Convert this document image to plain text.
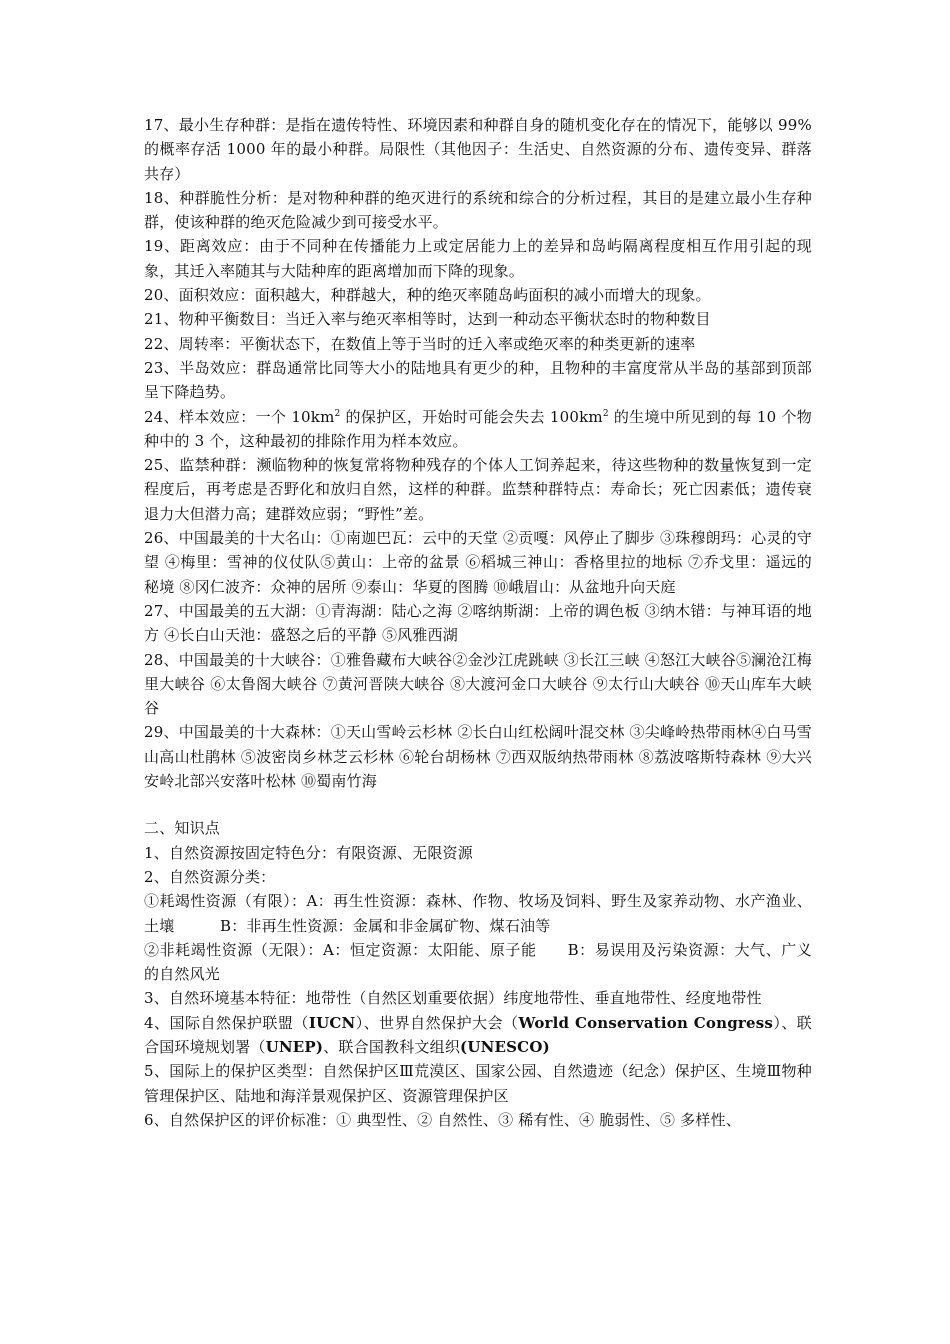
17、最小生存种群：是指在遗传特性、环境因素和种群自身的随机变化存在的情况下，能够以 99%的概率存活 1000 年的最小种群。局限性（其他因子：生活史、自然资源的分布、遗传变异、群落共存）

18、种群脆性分析：是对物种种群的绝灭进行的系统和综合的分析过程，其目的是建立最小生存种群，使该种群的绝灭危险减少到可接受水平。

19、距离效应：由于不同种在传播能力上或定居能力上的差异和岛屿隔离程度相互作用引起的现象，其迁入率随其与大陆种库的距离增加而下降的现象。

20、面积效应：面积越大，种群越大，种的绝灭率随岛屿面积的减小而增大的现象。

21、物种平衡数目：当迁入率与绝灭率相等时，达到一种动态平衡状态时的物种数目

22、周转率：平衡状态下，在数值上等于当时的迁入率或绝灭率的种类更新的速率

23、半岛效应：群岛通常比同等大小的陆地具有更少的种，且物种的丰富度常从半岛的基部到顶部呈下降趋势。

24、样本效应：一个 $10km^2$ 的保护区，开始时可能会失去 $100km^2$ 的生境中所见到的每 10 个物种中的 3 个，这种最初的排除作用为样本效应。

25、监禁种群：濒临物种的恢复常将物种残存的个体人工饲养起来，待这些物种的数量恢复到一定程度后，再考虑是否野化和放归自然，这样的种群。监禁种群特点：寿命长；死亡因素低；遗传衰退力大但潜力高；建群效应弱；“野性”差。

26、中国最美的十大名山：①南迦巴瓦：云中的天堂 ②贡嘎：风停止了脚步 ③珠穆朗玛：心灵的守望 ④梅里：雪神的仪仗队⑤黄山：上帝的盆景 ⑥稻城三神山：香格里拉的地标 ⑦乔戈里：遥远的秘境 ⑧冈仁波齐：众神的居所 ⑨泰山：华夏的图腾 ⑩峨眉山：从盆地升向天庭

27、中国最美的五大湖：①青海湖：陆心之海 ②喀纳斯湖：上帝的调色板 ③纳木错：与神耳语的地方 ④长白山天池：盛怒之后的平静 ⑤风雅西湖

28、中国最美的十大峡谷：①雅鲁藏布大峡谷②金沙江虎跳峡 ③长江三峡 ④怒江大峡谷⑤澜沧江梅里大峡谷 ⑥太鲁阁大峡谷 ⑦黄河晋陕大峡谷 ⑧大渡河金口大峡谷 ⑨太行山大峡谷 ⑩天山库车大峡谷

29、中国最美的十大森林：①天山雪岭云杉林 ②长白山红松阔叶混交林 ③尖峰岭热带雨林④白马雪山高山杜鹃林 ⑤波密岗乡林芝云杉林 ⑥轮台胡杨林 ⑦西双版纳热带雨林 ⑧荔波喀斯特森林 ⑨大兴安岭北部兴安落叶松林 ⑩蜀南竹海

二、知识点

1、自然资源按固定特色分：有限资源、无限资源

2、自然资源分类：

①耗竭性资源（有限）：A：再生性资源：森林、作物、牧场及饲料、野生及家养动物、水产渔业、土壤　　　B：非再生性资源：金属和非金属矿物、煤石油等

②非耗竭性资源（无限）：A：恒定资源：太阳能、原子能　　B：易误用及污染资源：大气、广义的自然风光

3、自然环境基本特征：地带性（自然区划重要依据）纬度地带性、垂直地带性、经度地带性

4、国际自然保护联盟（IUCN）、世界自然保护大会（World Conservation Congress）、联合国环境规划署（UNEP)、联合国教科文组织(UNESCO)

5、国际上的保护区类型：自然保护区Ⅲ荒漠区、国家公园、自然遗迹（纪念）保护区、生境Ⅲ物种管理保护区、陆地和海洋景观保护区、资源管理保护区

6、自然保护区的评价标准：① 典型性、② 自然性、③ 稀有性、④ 脆弱性、⑤ 多样性、
